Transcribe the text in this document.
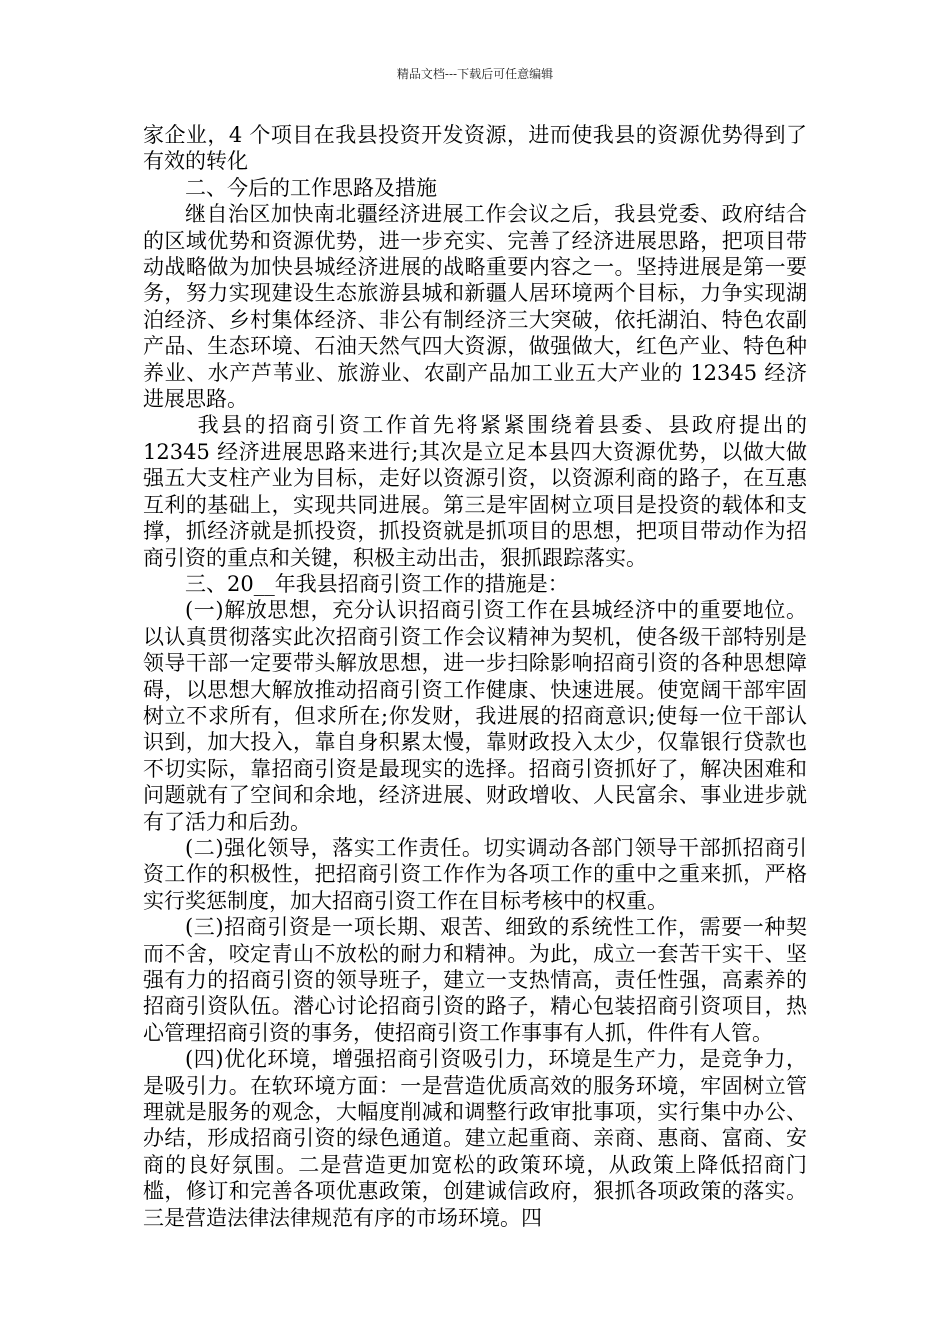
精品文档---下载后可任意编辑

家企业，4 个项目在我县投资开发资源，进而使我县的资源优势得到了有效的转化

二、今后的工作思路及措施

继自治区加快南北疆经济进展工作会议之后，我县党委、政府结合的区域优势和资源优势，进一步充实、完善了经济进展思路，把项目带动战略做为加快县城经济进展的战略重要内容之一。坚持进展是第一要务，努力实现建设生态旅游县城和新疆人居环境两个目标，力争实现湖泊经济、乡村集体经济、非公有制经济三大突破，依托湖泊、特色农副产品、生态环境、石油天然气四大资源，做强做大，红色产业、特色种养业、水产芦苇业、旅游业、农副产品加工业五大产业的 12345 经济进展思路。

我县的招商引资工作首先将紧紧围绕着县委、县政府提出的 12345 经济进展思路来进行;其次是立足本县四大资源优势，以做大做强五大支柱产业为目标，走好以资源引资，以资源利商的路子，在互惠互利的基础上，实现共同进展。第三是牢固树立项目是投资的载体和支撑，抓经济就是抓投资，抓投资就是抓项目的思想，把项目带动作为招商引资的重点和关键，积极主动出击，狠抓跟踪落实。

三、20__年我县招商引资工作的措施是：

(一)解放思想，充分认识招商引资工作在县城经济中的重要地位。以认真贯彻落实此次招商引资工作会议精神为契机，使各级干部特别是领导干部一定要带头解放思想，进一步扫除影响招商引资的各种思想障碍，以思想大解放推动招商引资工作健康、快速进展。使宽阔干部牢固树立不求所有，但求所在;你发财，我进展的招商意识;使每一位干部认识到，加大投入，靠自身积累太慢，靠财政投入太少，仅靠银行贷款也不切实际，靠招商引资是最现实的选择。招商引资抓好了，解决困难和问题就有了空间和余地，经济进展、财政增收、人民富余、事业进步就有了活力和后劲。

(二)强化领导，落实工作责任。切实调动各部门领导干部抓招商引资工作的积极性，把招商引资工作作为各项工作的重中之重来抓，严格实行奖惩制度，加大招商引资工作在目标考核中的权重。

(三)招商引资是一项长期、艰苦、细致的系统性工作，需要一种契而不舍，咬定青山不放松的耐力和精神。为此，成立一套苦干实干、坚强有力的招商引资的领导班子，建立一支热情高，责任性强，高素养的招商引资队伍。潜心讨论招商引资的路子，精心包装招商引资项目，热心管理招商引资的事务，使招商引资工作事事有人抓，件件有人管。

(四)优化环境，增强招商引资吸引力，环境是生产力，是竞争力，是吸引力。在软环境方面：一是营造优质高效的服务环境，牢固树立管理就是服务的观念，大幅度削减和调整行政审批事项，实行集中办公、办结，形成招商引资的绿色通道。建立起重商、亲商、惠商、富商、安商的良好氛围。二是营造更加宽松的政策环境，从政策上降低招商门槛，修订和完善各项优惠政策，创建诚信政府，狠抓各项政策的落实。三是营造法律法律规范有序的市场环境。四
